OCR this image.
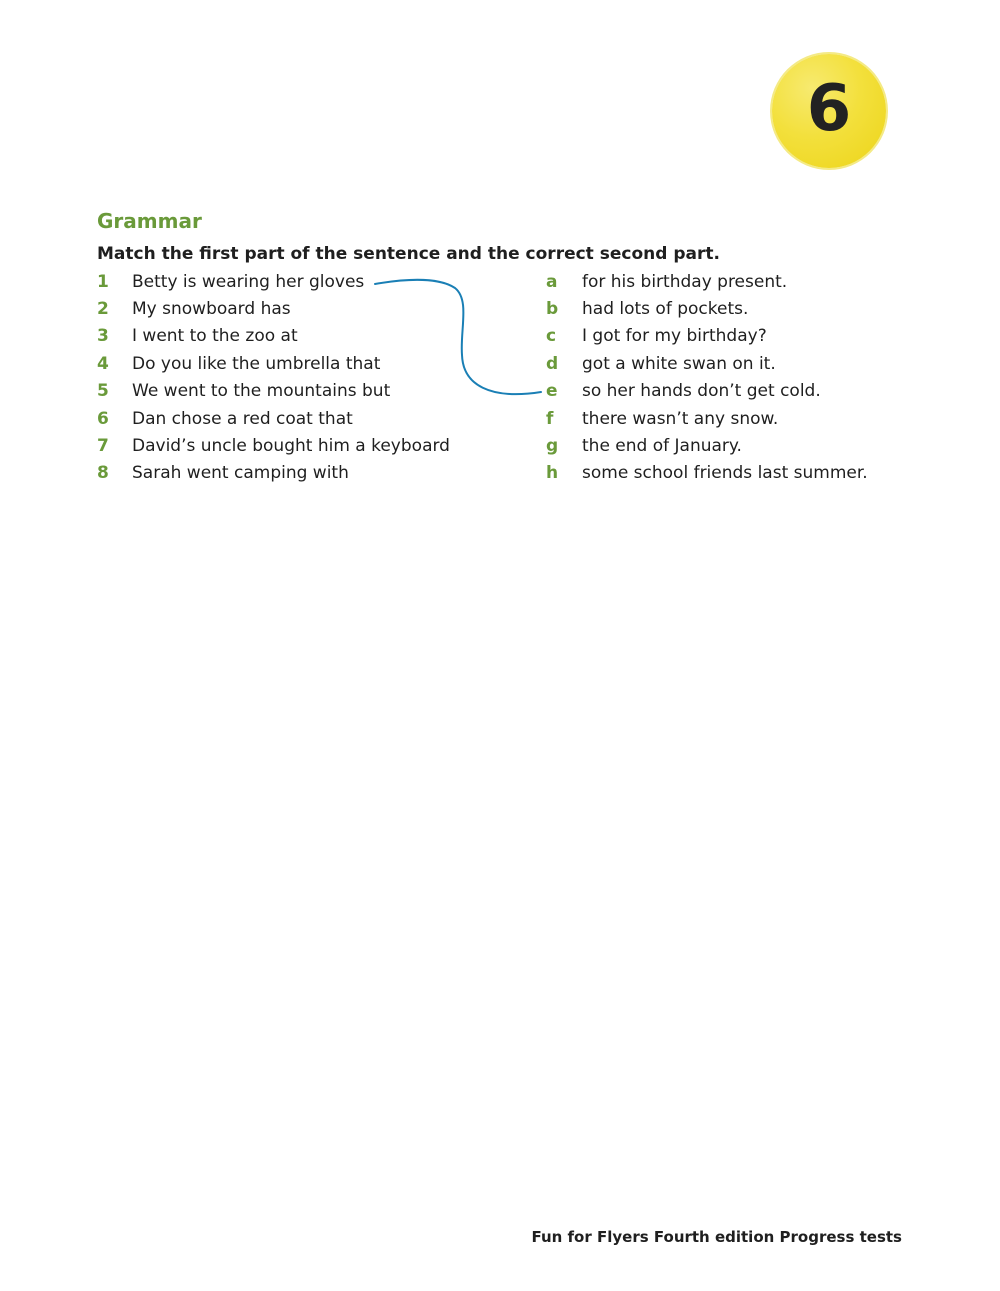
6
Grammar
Match the first part of the sentence and the correct second part.
1	Betty is wearing her gloves
2	My snowboard has
3	I went to the zoo at
4	Do you like the umbrella that
5	We went to the mountains but
6	Dan chose a red coat that
7	David’s uncle bought him a keyboard
8	Sarah went camping with
a	for his birthday present.
b	had lots of pockets.
c	I got for my birthday?
d	got a white swan on it.
e	so her hands don’t get cold.
f	there wasn’t any snow.
g	the end of January.
h	some school friends last summer.
Fun for Flyers Fourth edition Progress tests
